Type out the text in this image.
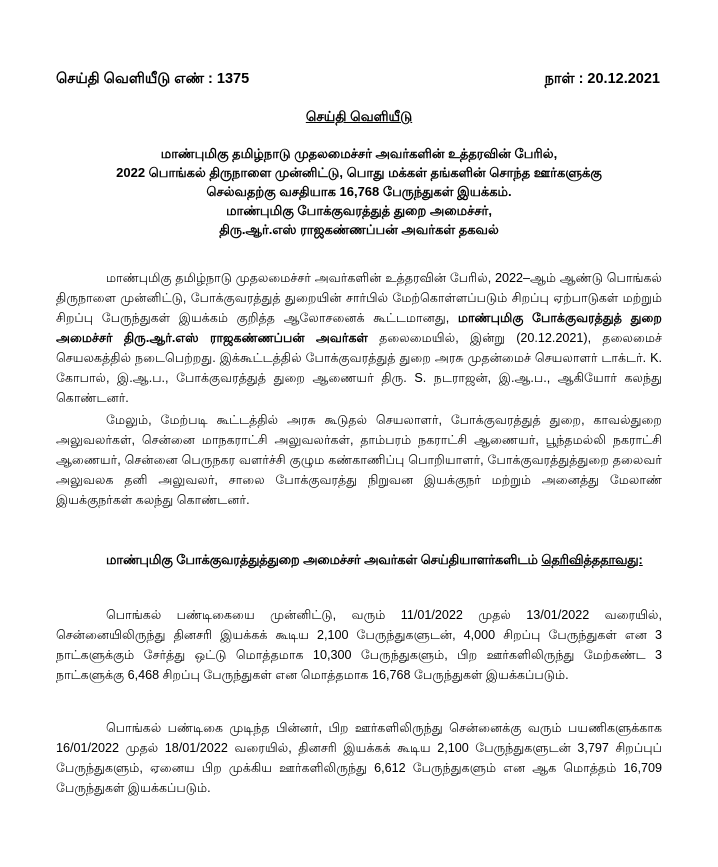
செய்தி வெளியீடு எண் : 1375	நாள் : 20.12.2021
செய்தி வெளியீடு
மாண்புமிகு தமிழ்நாடு முதலமைச்சர் அவர்களின் உத்தரவின் பேரில்,
2022 பொங்கல் திருநாளை முன்னிட்டு, பொது மக்கள் தங்களின் சொந்த ஊர்களுக்கு
செல்வதற்கு வசதியாக 16,768 பேருந்துகள் இயக்கம்.
மாண்புமிகு போக்குவரத்துத் துறை அமைச்சர்,
திரு.ஆர்.எஸ் ராஜகண்ணப்பன் அவர்கள் தகவல்
மாண்புமிகு தமிழ்நாடு முதலமைச்சர் அவர்களின் உத்தரவின் பேரில், 2022–ஆம் ஆண்டு பொங்கல் திருநாளை முன்னிட்டு, போக்குவரத்துத் துறையின் சார்பில் மேற்கொள்ளப்படும் சிறப்பு ஏற்பாடுகள் மற்றும் சிறப்பு பேருந்துகள் இயக்கம் குறித்த ஆலோசனைக் கூட்டமானது, மாண்புமிகு போக்குவரத்துத் துறை அமைச்சர் திரு.ஆர்.எஸ் ராஜகண்ணப்பன் அவர்கள் தலைமையில், இன்று (20.12.2021), தலைமைச் செயலகத்தில் நடைபெற்றது. இக்கூட்டத்தில் போக்குவரத்துத் துறை அரசு முதன்மைச் செயலாளர் டாக்டர். K. கோபால், இ.ஆ.ப., போக்குவரத்துத் துறை ஆணையர் திரு. S. நடராஜன், இ.ஆ.ப., ஆகியோர் கலந்து கொண்டனர்.
மேலும், மேற்படி கூட்டத்தில் அரசு கூடுதல் செயலாளர், போக்குவரத்துத் துறை, காவல்துறை அலுவலர்கள், சென்னை மாநகராட்சி அலுவலர்கள், தாம்பரம் நகராட்சி ஆணையர், பூந்தமல்லி நகராட்சி ஆணையர், சென்னை பெருநகர வளர்ச்சி குழும கண்காணிப்பு பொறியாளர், போக்குவரத்துத்துறை தலைவர் அலுவலக தனி அலுவலர், சாலை போக்குவரத்து நிறுவன இயக்குநர் மற்றும் அனைத்து மேலாண் இயக்குநர்கள் கலந்து கொண்டனர்.
மாண்புமிகு போக்குவரத்துத்துறை அமைச்சர் அவர்கள் செய்தியாளர்களிடம் தெரிவித்ததாவது:
பொங்கல் பண்டிகையை முன்னிட்டு, வரும் 11/01/2022 முதல் 13/01/2022 வரையில், சென்னையிலிருந்து தினசரி இயக்கக் கூடிய 2,100 பேருந்துகளுடன், 4,000 சிறப்பு பேருந்துகள் என 3 நாட்களுக்கும் சேர்த்து ஒட்டு மொத்தமாக 10,300 பேருந்துகளும், பிற ஊர்களிலிருந்து மேற்கண்ட 3 நாட்களுக்கு 6,468 சிறப்பு பேருந்துகள் என மொத்தமாக 16,768 பேருந்துகள் இயக்கப்படும்.
பொங்கல் பண்டிகை முடிந்த பின்னர், பிற ஊர்களிலிருந்து சென்னைக்கு வரும் பயணிகளுக்காக 16/01/2022 முதல் 18/01/2022 வரையில், தினசரி இயக்கக் கூடிய 2,100 பேருந்துகளுடன் 3,797 சிறப்புப் பேருந்துகளும், ஏனைய பிற முக்கிய ஊர்களிலிருந்து 6,612 பேருந்துகளும் என ஆக மொத்தம் 16,709 பேருந்துகள் இயக்கப்படும்.
